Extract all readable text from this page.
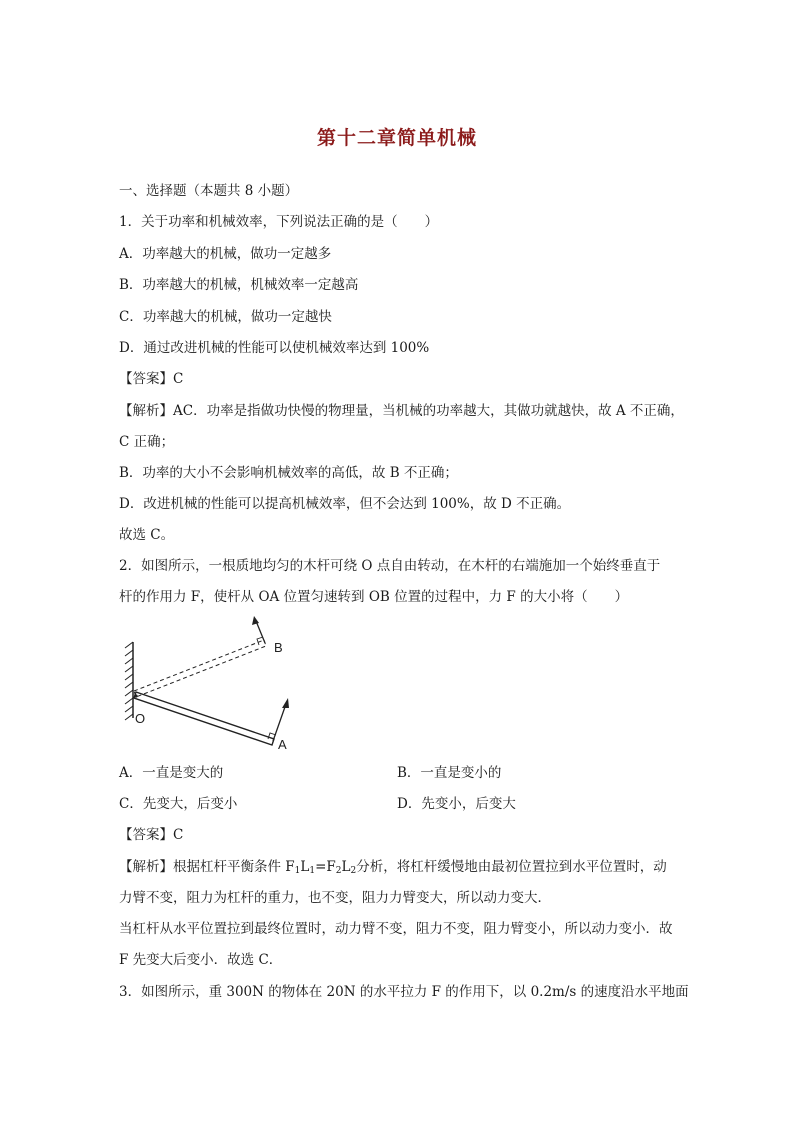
第十二章简单机械
一、选择题（本题共 8 小题）
1．关于功率和机械效率，下列说法正确的是（　　）
A．功率越大的机械，做功一定越多
B．功率越大的机械，机械效率一定越高
C．功率越大的机械，做功一定越快
D．通过改进机械的性能可以使机械效率达到 100%
【答案】C
【解析】AC．功率是指做功快慢的物理量，当机械的功率越大，其做功就越快，故 A 不正确，
C 正确；
B．功率的大小不会影响机械效率的高低，故 B 不正确；
D．改进机械的性能可以提高机械效率，但不会达到 100%，故 D 不正确。
故选 C。
2．如图所示，一根质地均匀的木杆可绕 O 点自由转动，在木杆的右端施加一个始终垂直于
杆的作用力 F，使杆从 OA 位置匀速转到 OB 位置的过程中，力 F 的大小将（　　）
B
O
A
A．一直是变大的	B．一直是变小的
C．先变大，后变小	D．先变小，后变大
【答案】C
【解析】根据杠杆平衡条件 $F_1L_1=F_2L_2$分析，将杠杆缓慢地由最初位置拉到水平位置时，动
力臂不变，阻力为杠杆的重力，也不变，阻力力臂变大，所以动力变大．
当杠杆从水平位置拉到最终位置时，动力臂不变，阻力不变，阻力臂变小，所以动力变小．故
F 先变大后变小．故选 C．
3．如图所示，重 300N 的物体在 20N 的水平拉力 F 的作用下，以 0.2m/s 的速度沿水平地面
